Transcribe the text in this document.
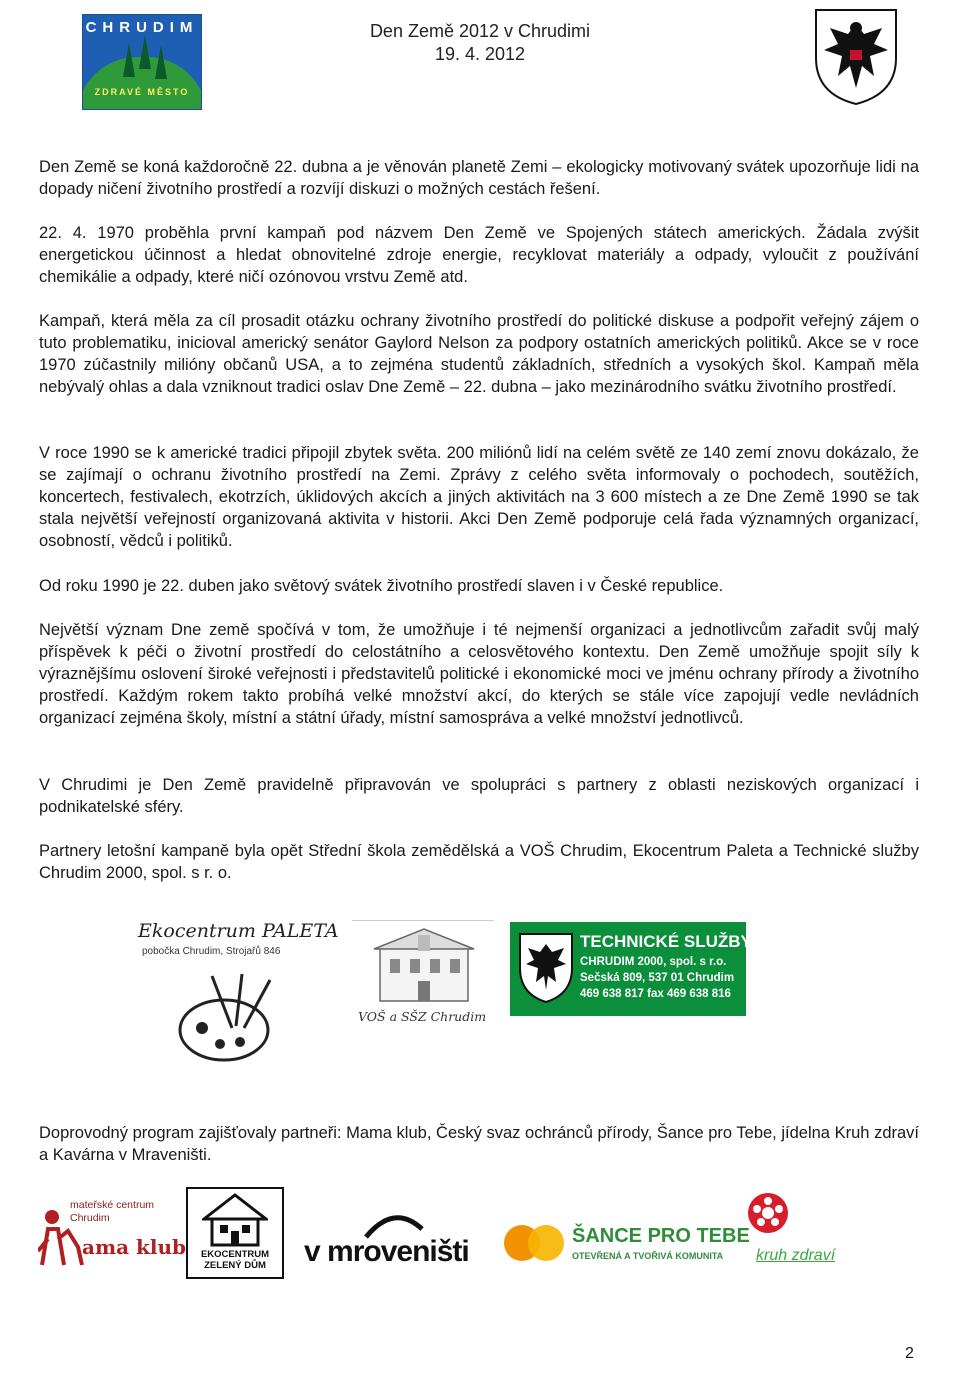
CHRUDIM
ZDRAVÉ MĚSTO
Den Země 2012 v Chrudimi
19. 4. 2012

Den Země se koná každoročně 22. dubna a je věnován planetě Zemi – ekologicky motivovaný svátek upozorňuje lidi na dopady ničení životního prostředí a rozvíjí diskuzi o možných cestách řešení.

22. 4. 1970 proběhla první kampaň pod názvem Den Země ve Spojených státech amerických. Žádala zvýšit energetickou účinnost a hledat obnovitelné zdroje energie, recyklovat materiály a odpady, vyloučit z používání chemikálie a odpady, které ničí ozónovou vrstvu Země atd.

Kampaň, která měla za cíl prosadit otázku ochrany životního prostředí do politické diskuse a podpořit veřejný zájem o tuto problematiku, inicioval americký senátor Gaylord Nelson za podpory ostatních amerických politiků. Akce se v roce 1970 zúčastnily milióny občanů USA, a to zejména studentů základních, středních a vysokých škol. Kampaň měla nebývalý ohlas a dala vzniknout tradici oslav Dne Země – 22. dubna – jako mezinárodního svátku životního prostředí.

V roce 1990 se k americké tradici připojil zbytek světa. 200 miliónů lidí na celém světě ze 140 zemí znovu dokázalo, že se zajímají o ochranu životního prostředí na Zemi. Zprávy z celého světa informovaly o pochodech, soutěžích, koncertech, festivalech, ekotrzích, úklidových akcích a jiných aktivitách na 3 600 místech a ze Dne Země 1990 se tak stala největší veřejností organizovaná aktivita v historii. Akci Den Země podporuje celá řada významných organizací, osobností, vědců i politiků.

Od roku 1990 je 22. duben jako světový svátek životního prostředí slaven i v České republice.

Největší význam Dne země spočívá v tom, že umožňuje i té nejmenší organizaci a jednotlivcům zařadit svůj malý příspěvek k péči o životní prostředí do celostátního a celosvětového kontextu. Den Země umožňuje spojit síly k výraznějšímu oslovení široké veřejnosti i představitelů politické i ekonomické moci ve jménu ochrany přírody a životního prostředí. Každým rokem takto probíhá velké množství akcí, do kterých se stále více zapojují vedle nevládních organizací zejména školy, místní a státní úřady, místní samospráva a velké množství jednotlivců.

V Chrudimi je Den Země pravidelně připravován ve spolupráci s partnery z oblasti neziskových organizací i podnikatelské sféry.

Partnery letošní kampaně byla opět Střední škola zemědělská a VOŠ Chrudim, Ekocentrum Paleta a Technické služby Chrudim 2000, spol. s r. o.

Ekocentrum PALETA
pobočka Chrudim, Strojařů 846
VOŠ a SŠZ Chrudim
TECHNICKÉ SLUŽBY
CHRUDIM 2000, spol. s r.o.
Sečská 809, 537 01 Chrudim
469 638 817 fax 469 638 816

Doprovodný program zajišťovaly partneři: Mama klub, Český svaz ochránců přírody, Šance pro Tebe, jídelna Kruh zdraví a Kavárna v Mraveništi.

mateřské centrum
Chrudim
ama klub	EKOCENTRUM
ZELENÝ DŮM	v mroveništi	ŠANCE PRO TEBE
OTEVŘENÁ A TVOŘIVÁ KOMUNITA kruh zdraví
2
